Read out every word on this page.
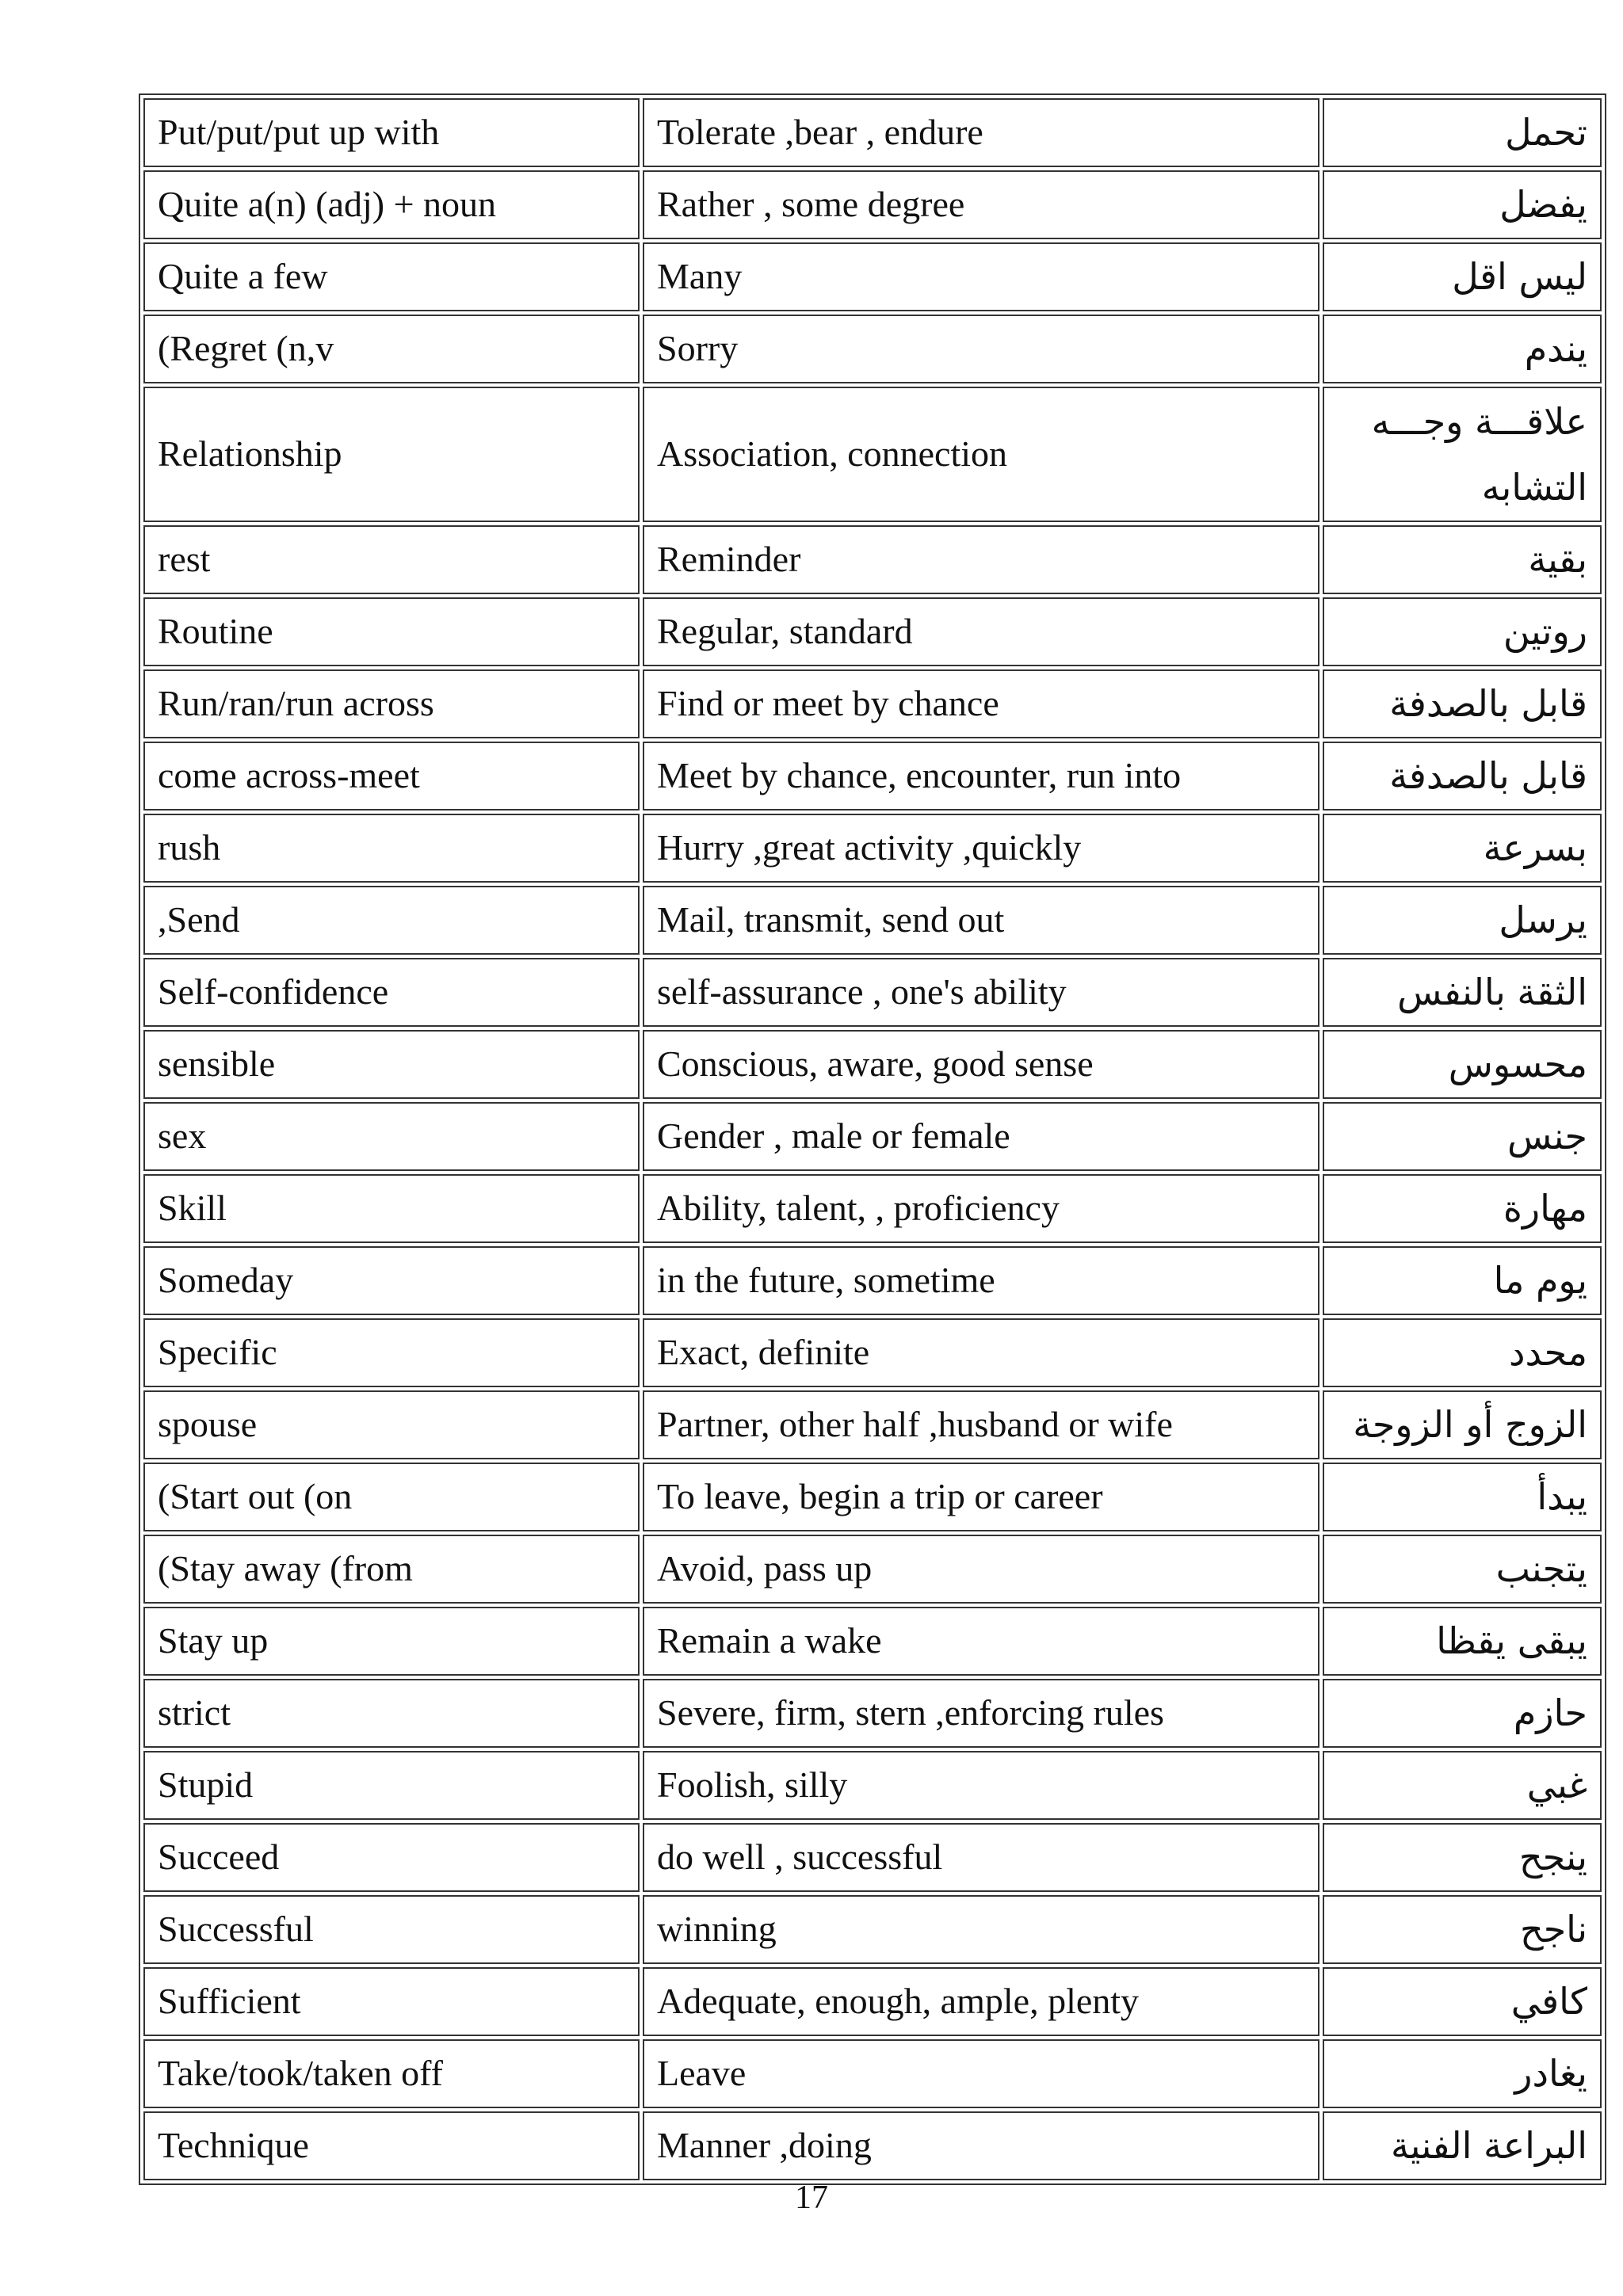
Put/put/put up with	Tolerate ,bear , endure	تحمل
Quite a(n) (adj) + noun	Rather , some degree	يفضل
Quite a few	Many	ليس اقل
(Regret (n,v	Sorry	يندم
Relationship	Association, connection	علاقـــة وجـــه التشابه
rest	Reminder	بقية
Routine	Regular, standard	روتين
Run/ran/run across	Find or meet by chance	قابل بالصدفة
come across-meet	Meet by chance, encounter, run into	قابل بالصدفة
rush	Hurry ,great activity ,quickly	بسرعة
,Send	Mail, transmit, send out	يرسل
Self-confidence	self-assurance , one's ability	الثقة بالنفس
sensible	Conscious, aware, good sense	محسوس
sex	Gender , male or female	جنس
Skill	Ability, talent, , proficiency	مهارة
Someday	in the future, sometime	يوم ما
Specific	Exact, definite	محدد
spouse	Partner, other half ,husband or wife	الزوج أو الزوجة
(Start out (on	To leave, begin a trip or career	يبدأ
(Stay away (from	Avoid, pass up	يتجنب
Stay up	Remain a wake	يبقى يقظا
strict	Severe, firm, stern ,enforcing rules	حازم
Stupid	Foolish, silly	غبي
Succeed	do well , successful	ينجح
Successful	winning	ناجح
Sufficient	Adequate, enough, ample, plenty	كافي
Take/took/taken off	Leave	يغادر
Technique	Manner ,doing	البراعة الفنية
17
